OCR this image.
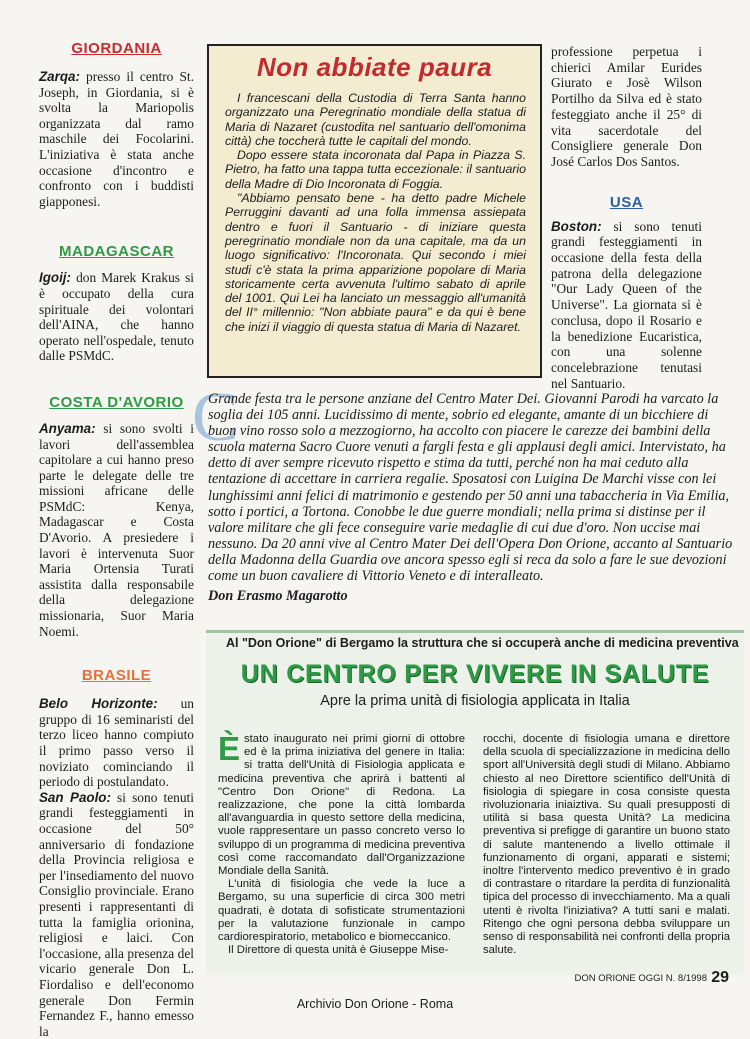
GIORDANIA

Zarqa: presso il centro St. Joseph, in Giordania, si è svolta la Mariopolis organizzata dal ramo maschile dei Focolarini. L'iniziativa è stata anche occasione d'incontro e confronto con i buddisti giapponesi.

MADAGASCAR

Igoij: don Marek Krakus si è occupato della cura spirituale dei volontari dell'AINA, che hanno operato nell'ospedale, tenuto dalle PSMdC.

COSTA D'AVORIO

Anyama: si sono svolti i lavori dell'assemblea capitolare a cui hanno preso parte le delegate delle tre missioni africane delle PSMdC: Kenya, Madagascar e Costa D'Avorio. A presiedere i lavori è intervenuta Suor Maria Ortensia Turati assistita dalla responsabile della delegazione missionaria, Suor Maria Noemi.

BRASILE

Belo Horizonte: un gruppo di 16 seminaristi del terzo liceo hanno compiuto il primo passo verso il noviziato cominciando il periodo di postulandato.

San Paolo: si sono tenuti grandi festeggiamenti in occasione del 50° anniversario di fondazione della Provincia religiosa e per l'insediamento del nuovo Consiglio provinciale. Erano presenti i rappresentanti di tutta la famiglia orionina, religiosi e laici. Con l'occasione, alla presenza del vicario generale Don L. Fiordaliso e dell'economo generale Don Fermin Fernandez F., hanno emesso la

Non abbiate paura

I francescani della Custodia di Terra Santa hanno organizzato una Peregrinatio mondiale della statua di Maria di Nazaret (custodita nel santuario dell'omonima città) che toccherà tutte le capitali del mondo.

Dopo essere stata incoronata dal Papa in Piazza S. Pietro, ha fatto una tappa tutta eccezionale: il santuario della Madre di Dio Incoronata di Foggia.

"Abbiamo pensato bene - ha detto padre Michele Perruggini davanti ad una folla immensa assiepata dentro e fuori il Santuario - di iniziare questa peregrinatio mondiale non da una capitale, ma da un luogo significativo: l'Incoronata. Qui secondo i miei studi c'è stata la prima apparizione popolare di Maria storicamente certa avvenuta l'ultimo sabato di aprile del 1001. Qui Lei ha lanciato un messaggio all'umanità del II° millennio: "Non abbiate paura" e da qui è bene che inizi il viaggio di questa statua di Maria di Nazaret.

professione perpetua i chierici Amilar Eurides Giurato e Josè Wilson Portilho da Silva ed è stato festeggiato anche il 25° di vita sacerdotale del Consigliere generale Don José Carlos Dos Santos.

USA

Boston: si sono tenuti grandi festeggiamenti in occasione della festa della patrona della delegazione "Our Lady Queen of the Universe". La giornata si è conclusa, dopo il Rosario e la benedizione Eucaristica, con una solenne concelebrazione tenutasi nel Santuario.

C
Grande festa tra le persone anziane del Centro Mater Dei. Giovanni Parodi ha varcato la soglia dei 105 anni. Lucidissimo di mente, sobrio ed elegante, amante di un bicchiere di buon vino rosso solo a mezzogiorno, ha accolto con piacere le carezze dei bambini della scuola materna Sacro Cuore venuti a fargli festa e gli applausi degli amici. Intervistato, ha detto di aver sempre ricevuto rispetto e stima da tutti, perché non ha mai ceduto alla tentazione di accettare in carriera regalie. Sposatosi con Luigina De Marchi visse con lei lunghissimi anni felici di matrimonio e gestendo per 50 anni una tabaccheria in Via Emilia, sotto i portici, a Tortona. Conobbe le due guerre mondiali; nella prima si distinse per il valore militare che gli fece conseguire varie medaglie di cui due d'oro. Non uccise mai nessuno. Da 20 anni vive al Centro Mater Dei dell'Opera Don Orione, accanto al Santuario della Madonna della Guardia ove ancora spesso egli si reca da solo a fare le sue devozioni come un buon cavaliere di Vittorio Veneto e di interalleato.
Don Erasmo Magarotto
Al "Don Orione" di Bergamo la struttura che si occuperà anche di medicina preventiva
UN CENTRO PER VIVERE IN SALUTE
Apre la prima unità di fisiologia applicata in Italia

Èstato inaugurato nei primi giorni di ottobre ed è la prima iniziativa del genere in Italia: si tratta dell'Unità di Fisiologia applicata e medicina preventiva che aprirà i battenti al "Centro Don Orione" di Redona. La realizzazione, che pone la città lombarda all'avanguardia in questo settore della medicina, vuole rappresentare un passo concreto verso lo sviluppo di un programma di medicina preventiva così come raccomandato dall'Organizzazione Mondiale della Sanità.

L'unità di fisiologia che vede la luce a Bergamo, su una superficie di circa 300 metri quadrati, è dotata di sofisticate strumentazioni per la valutazione funzionale in campo cardiorespiratorio, metabolico e biomeccanico.

Il Direttore di questa unità è Giuseppe Mise-

rocchi, docente di fisiologia umana e direttore della scuola di specializzazione in medicina dello sport all'Università degli studi di Milano. Abbiamo chiesto al neo Direttore scientifico dell'Unità di fisiologia di spiegare in cosa consiste questa rivoluzionaria iniaiztiva. Su quali presupposti di utilità si basa questa Unità? La medicina preventiva si prefigge di garantire un buono stato di salute mantenendo a livello ottimale il funzionamento di organi, apparati e sistemi; inoltre l'intervento medico preventivo è in grado di contrastare o ritardare la perdita di funzionalità tipica del processo di invecchiamento. Ma a quali utenti è rivolta l'iniziativa? A tutti sani e malati. Ritengo che ogni persona debba sviluppare un senso di responsabilità nei confronti della propria salute.

DON ORIONE OGGI N. 8/1998 29
Archivio Don Orione - Roma
